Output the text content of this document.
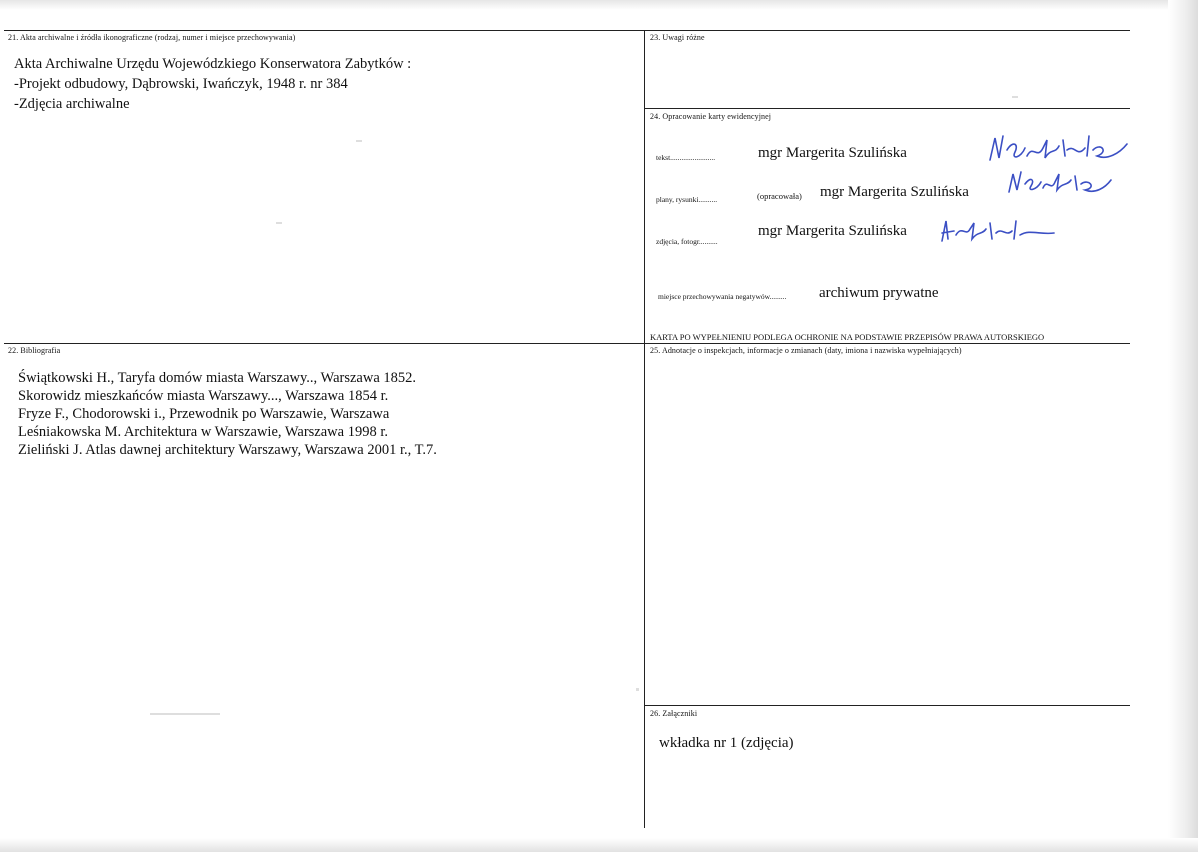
21. Akta archiwalne i źródła ikonograficzne (rodzaj, numer i miejsce przechowywania)
Akta Archiwalne Urzędu Wojewódzkiego Konserwatora Zabytków :
-Projekt odbudowy, Dąbrowski, Iwańczyk, 1948 r. nr 384
-Zdjęcia archiwalne
22. Bibliografia
Świątkowski H., Taryfa domów miasta Warszawy.., Warszawa 1852.
Skorowidz mieszkańców miasta Warszawy..., Warszawa 1854 r.
Fryze F., Chodorowski i., Przewodnik po Warszawie, Warszawa
Leśniakowska M. Architektura w Warszawie, Warszawa 1998 r.
Zieliński J. Atlas dawnej architektury Warszawy, Warszawa 2001 r., T.7.
23. Uwagi różne
24. Opracowanie karty ewidencyjnej
tekst........................	mgr Margerita Szulińska
plany, rysunki..........	(opracowała) mgr Margerita Szulińska
zdjęcia, fotogr..........
mgr Margerita Szulińska
miejsce przechowywania negatywów......... archiwum prywatne
KARTA PO WYPEŁNIENIU PODLEGA OCHRONIE NA PODSTAWIE PRZEPISÓW PRAWA AUTORSKIEGO
25. Adnotacje o inspekcjach, informacje o zmianach (daty, imiona i nazwiska wypełniających)
26. Załączniki
wkładka nr 1 (zdjęcia)
